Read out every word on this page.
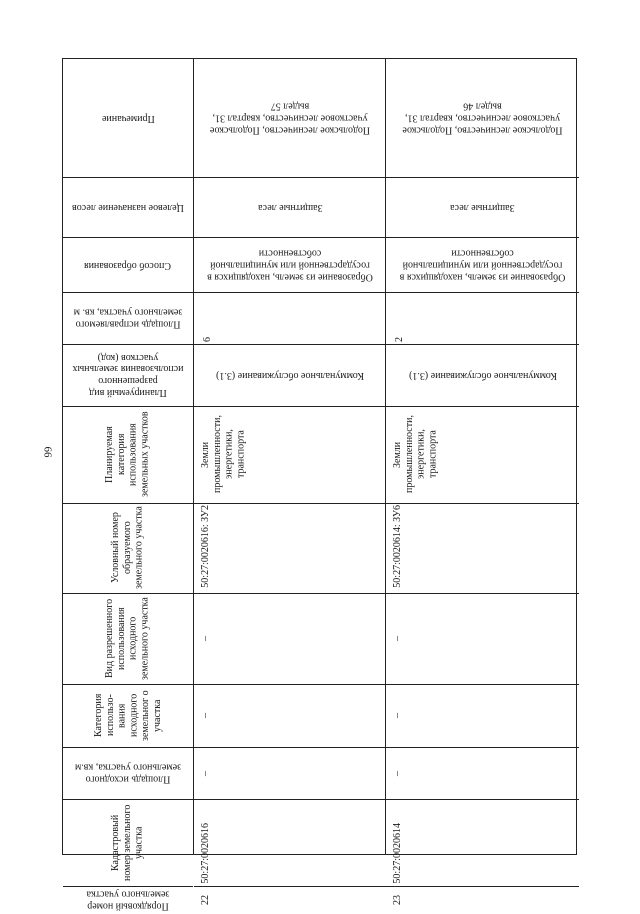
66
Примечание
Целевое назначение лесов
Способ образования
Площадь исправляемого земельного участка, кв. м
Планируемый вид разрешенного использования земельных участков (код)
Планируемая категория использования земельных участков
Условный номер образуемого земельного участка
Вид разрешенного использования исходного земельного участка
Категория использо-вания исходного земельног о участка
Площадь исходного земельного участка, кв.м
Кадастровый номер земельного участка
Порядковый номер земельного участка
Подольское лесничество, Подольское участковое лесничество, квартал 31, выдел 57
Защитные леса
Образование из земель, находящихся в государственной или муниципальной собственности
6
Коммунальное обслуживание (3.1)
Земли промышленности, энергетики, транспорта
50:27:0020616: ЗУ2
–
–
–
50:27:0020616
22
Подольское лесничество, Подольское участковое лесничество, квартал 31, выдел 46
Защитные леса
Образование из земель, находящихся в государственной или муниципальной собственности
2
Коммунальное обслуживание (3.1)
Земли промышленности, энергетики, транспорта
50:27:0020614: ЗУ6
–
–
–
50:27:0020614
23
